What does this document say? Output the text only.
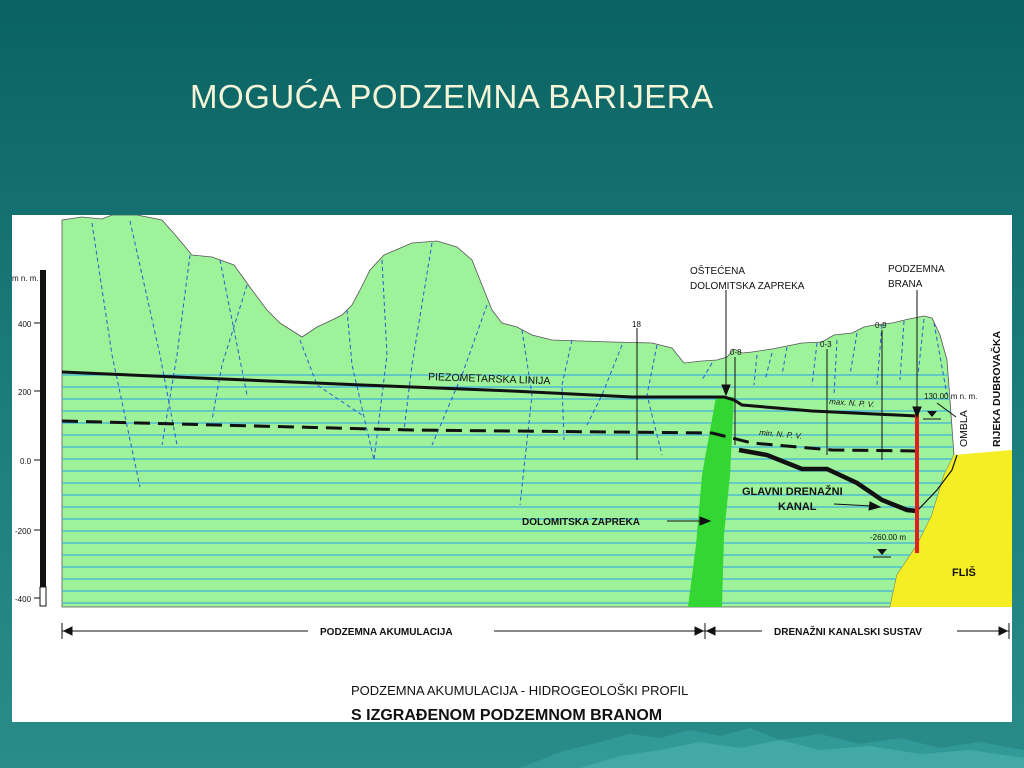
MOGUĆA PODZEMNA BARIJERA
m n. m.
400
200
0.0
-200
-400
PIEZOMETARSKA LINIJA
OŠTEĆENA
DOLOMITSKA ZAPREKA
PODZEMNA
BRANA
max. N. P. V.
min. N. P. V.
130.00 m n. m.
-260.00 m
GLAVNI DRENAŽNI
KANAL
DOLOMITSKA ZAPREKA
FLIŠ
OMBLA RIJEKA DUBROVAČKA
18
0-8
0-3
0-9
PODZEMNA AKUMULACIJA	DRENAŽNI KANALSKI SUSTAV
PODZEMNA AKUMULACIJA - HIDROGEOLOŠKI PROFIL
S IZGRAĐENOM PODZEMNOM BRANOM
